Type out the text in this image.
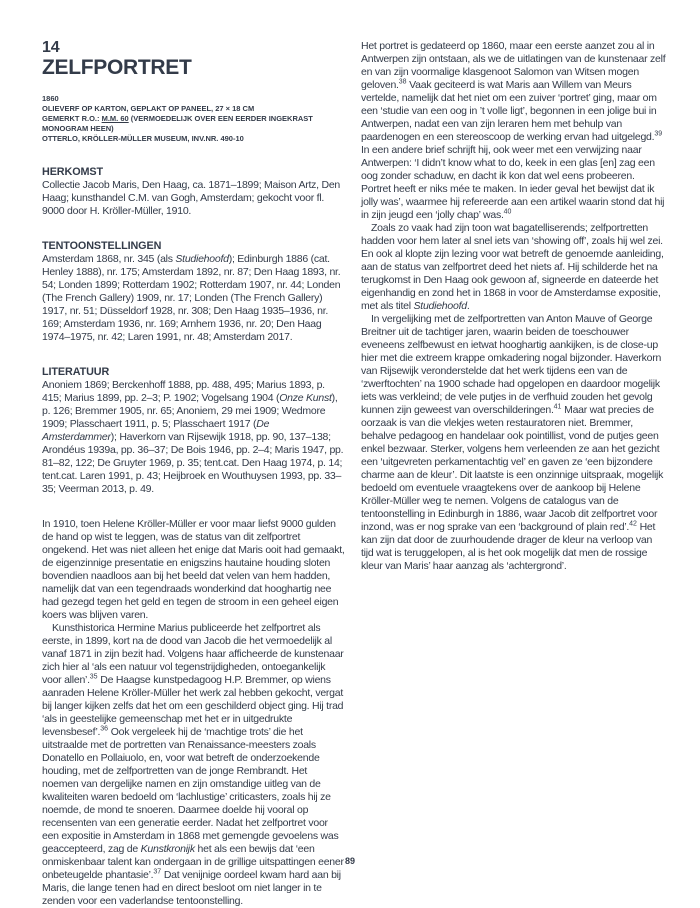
14
ZELFPORTRET
1860
OLIEVERF OP KARTON, GEPLAKT OP PANEEL, 27 × 18 CM
GEMERKT R.O.: M.M. 60 (VERMOEDELIJK OVER EEN EERDER INGEKRAST MONOGRAM HEEN)
OTTERLO, KRÖLLER-MÜLLER MUSEUM, INV.NR. 490-10
HERKOMST

Collectie Jacob Maris, Den Haag, ca. 1871–1899; Maison Artz, Den Haag; kunsthandel C.M. van Gogh, Amsterdam; gekocht voor fl. 9000 door H. Kröller-Müller, 1910.

TENTOONSTELLINGEN

Amsterdam 1868, nr. 345 (als Studiehoofd); Edinburgh 1886 (cat. Henley 1888), nr. 175; Amsterdam 1892, nr. 87; Den Haag 1893, nr. 54; Londen 1899; Rotterdam 1902; Rotterdam 1907, nr. 44; Londen (The French Gallery) 1909, nr. 17; Londen (The French Gallery) 1917, nr. 51; Düsseldorf 1928, nr. 308; Den Haag 1935–1936, nr. 169; Amsterdam 1936, nr. 169; Arnhem 1936, nr. 20; Den Haag 1974–1975, nr. 42; Laren 1991, nr. 48; Amsterdam 2017.

LITERATUUR

Anoniem 1869; Berckenhoff 1888, pp. 488, 495; Marius 1893, p. 415; Marius 1899, pp. 2–3; P. 1902; Vogelsang 1904 (Onze Kunst), p. 126; Bremmer 1905, nr. 65; Anoniem, 29 mei 1909; Wedmore 1909; Plasschaert 1911, p. 5; Plasschaert 1917 (De Amsterdammer); Haverkorn van Rijsewijk 1918, pp. 90, 137–138; Arondéus 1939a, pp. 36–37; De Bois 1946, pp. 2–4; Maris 1947, pp. 81–82, 122; De Gruyter 1969, p. 35; tent.cat. Den Haag 1974, p. 14; tent.cat. Laren 1991, p. 43; Heijbroek en Wouthuysen 1993, pp. 33–35; Veerman 2013, p. 49.

In 1910, toen Helene Kröller-Müller er voor maar liefst 9000 gulden de hand op wist te leggen, was de status van dit zelfportret ongekend. Het was niet alleen het enige dat Maris ooit had gemaakt, de eigenzinnige presentatie en enigszins hautaine houding sloten bovendien naadloos aan bij het beeld dat velen van hem hadden, namelijk dat van een tegendraads wonderkind dat hooghartig nee had gezegd tegen het geld en tegen de stroom in een geheel eigen koers was blijven varen.

Kunsthistorica Hermine Marius publiceerde het zelfportret als eerste, in 1899, kort na de dood van Jacob die het vermoedelijk al vanaf 1871 in zijn bezit had. Volgens haar afficheerde de kunstenaar zich hier al ‘als een natuur vol tegenstrijdigheden, ontoegankelijk voor allen’.$^{35}$ De Haagse kunstpedagoog H.P. Bremmer, op wiens aanraden Helene Kröller-Müller het werk zal hebben gekocht, vergat bij langer kijken zelfs dat het om een geschilderd object ging. Hij trad ‘als in geestelijke gemeenschap met het er in uitgedrukte levensbesef’.$^{36}$ Ook vergeleek hij de ‘machtige trots’ die het uitstraalde met de portretten van Renaissance-meesters zoals Donatello en Pollaiuolo, en, voor wat betreft de onderzoekende houding, met de zelfportretten van de jonge Rembrandt. Het noemen van dergelijke namen en zijn omstandige uitleg van de kwaliteiten waren bedoeld om ‘lachlustige’ criticasters, zoals hij ze noemde, de mond te snoeren. Daarmee doelde hij vooral op recensenten van een generatie eerder. Nadat het zelfportret voor een expositie in Amsterdam in 1868 met gemengde gevoelens was geaccepteerd, zag de Kunstkronijk het als een bewijs dat ‘een onmiskenbaar talent kan ondergaan in de grillige uitspattingen eener onbeteugelde phantasie’.$^{37}$ Dat venijnige oordeel kwam hard aan bij Maris, die lange tenen had en direct besloot om niet langer in te zenden voor een vaderlandse tentoonstelling.

Het portret is gedateerd op 1860, maar een eerste aanzet zou al in Antwerpen zijn ontstaan, als we de uitlatingen van de kunstenaar zelf en van zijn voormalige klasgenoot Salomon van Witsen mogen geloven.$^{38}$ Vaak geciteerd is wat Maris aan Willem van Meurs vertelde, namelijk dat het niet om een zuiver ‘portret’ ging, maar om een ‘studie van een oog in ’t volle ligt’, begonnen in een jolige bui in Antwerpen, nadat een van zijn leraren hem met behulp van paardenogen en een stereoscoop de werking ervan had uitgelegd.$^{39}$ In een andere brief schrijft hij, ook weer met een verwijzing naar Antwerpen: ‘I didn’t know what to do, keek in een glas [en] zag een oog zonder schaduw, en dacht ik kon dat wel eens probeeren. Portret heeft er niks mée te maken. In ieder geval het bewijst dat ik jolly was’, waarmee hij refereerde aan een artikel waarin stond dat hij in zijn jeugd een ‘jolly chap’ was.$^{40}$

Zoals zo vaak had zijn toon wat bagatelliserends; zelfportretten hadden voor hem later al snel iets van ‘showing off’, zoals hij wel zei. En ook al klopte zijn lezing voor wat betreft de genoemde aanleiding, aan de status van zelfportret deed het niets af. Hij schilderde het na terugkomst in Den Haag ook gewoon af, signeerde en dateerde het eigenhandig en zond het in 1868 in voor de Amsterdamse expositie, met als titel Studiehoofd.

In vergelijking met de zelfportretten van Anton Mauve of George Breitner uit de tachtiger jaren, waarin beiden de toeschouwer eveneens zelfbewust en ietwat hooghartig aankijken, is de close-up hier met die extreem krappe omkadering nogal bijzonder. Haverkorn van Rijsewijk veronderstelde dat het werk tijdens een van de ‘zwerftochten’ na 1900 schade had opgelopen en daardoor mogelijk iets was verkleind; de vele putjes in de verfhuid zouden het gevolg kunnen zijn geweest van overschilderingen.$^{41}$ Maar wat precies de oorzaak is van die vlekjes weten restauratoren niet. Bremmer, behalve pedagoog en handelaar ook pointillist, vond de putjes geen enkel bezwaar. Sterker, volgens hem verleenden ze aan het gezicht een ‘uitgevreten perkamentachtig vel’ en gaven ze ‘een bijzondere charme aan de kleur’. Dit laatste is een onzinnige uitspraak, mogelijk bedoeld om eventuele vraagtekens over de aankoop bij Helene Kröller-Müller weg te nemen. Volgens de catalogus van de tentoonstelling in Edinburgh in 1886, waar Jacob dit zelfportret voor inzond, was er nog sprake van een ‘background of plain red’.$^{42}$ Het kan zijn dat door de zuurhoudende drager de kleur na verloop van tijd wat is teruggelopen, al is het ook mogelijk dat men de rossige kleur van Maris’ haar aanzag als ‘achtergrond’.

89
